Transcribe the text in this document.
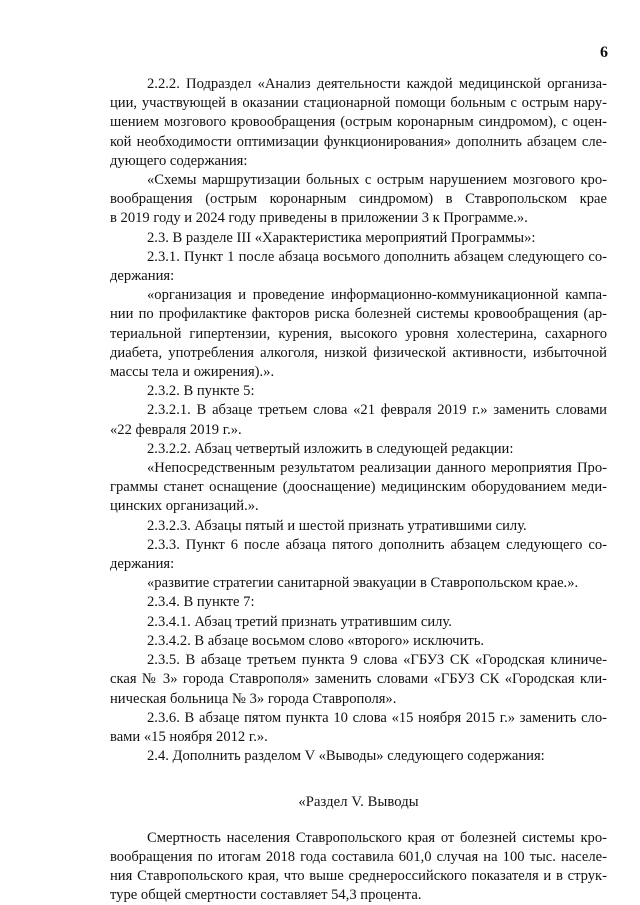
6
2.2.2. Подраздел «Анализ деятельности каждой медицинской организа-
ции, участвующей в оказании стационарной помощи больным с острым нару-
шением мозгового кровообращения (острым коронарным синдромом), с оцен-
кой необходимости оптимизации функционирования» дополнить абзацем сле-
дующего содержания:
«Схемы маршрутизации больных с острым нарушением мозгового кро-
вообращения (острым коронарным синдромом) в Ставропольском крае
в 2019 году и 2024 году приведены в приложении 3 к Программе.».
2.3. В разделе III «Характеристика мероприятий Программы»:
2.3.1. Пункт 1 после абзаца восьмого дополнить абзацем следующего со-
держания:
«организация и проведение информационно-коммуникационной кампа-
нии по профилактике факторов риска болезней системы кровообращения (ар-
териальной гипертензии, курения, высокого уровня холестерина, сахарного
диабета, употребления алкоголя, низкой физической активности, избыточной
массы тела и ожирения).».
2.3.2. В пункте 5:
2.3.2.1. В абзаце третьем слова «21 февраля 2019 г.» заменить словами
«22 февраля 2019 г.».
2.3.2.2. Абзац четвертый изложить в следующей редакции:
«Непосредственным результатом реализации данного мероприятия Про-
граммы станет оснащение (дооснащение) медицинским оборудованием меди-
цинских организаций.».
2.3.2.3. Абзацы пятый и шестой признать утратившими силу.
2.3.3. Пункт 6 после абзаца пятого дополнить абзацем следующего со-
держания:
«развитие стратегии санитарной эвакуации в Ставропольском крае.».
2.3.4. В пункте 7:
2.3.4.1. Абзац третий признать утратившим силу.
2.3.4.2. В абзаце восьмом слово «второго» исключить.
2.3.5. В абзаце третьем пункта 9 слова «ГБУЗ СК «Городская клиниче-
ская № 3» города Ставрополя» заменить словами «ГБУЗ СК «Городская кли-
ническая больница № 3» города Ставрополя».
2.3.6. В абзаце пятом пункта 10 слова «15 ноября 2015 г.» заменить сло-
вами «15 ноября 2012 г.».
2.4. Дополнить разделом V «Выводы» следующего содержания:
«Раздел V. Выводы
Смертность населения Ставропольского края от болезней системы кро-
вообращения по итогам 2018 года составила 601,0 случая на 100 тыс. населе-
ния Ставропольского края, что выше среднероссийского показателя и в струк-
туре общей смертности составляет 54,3 процента.
